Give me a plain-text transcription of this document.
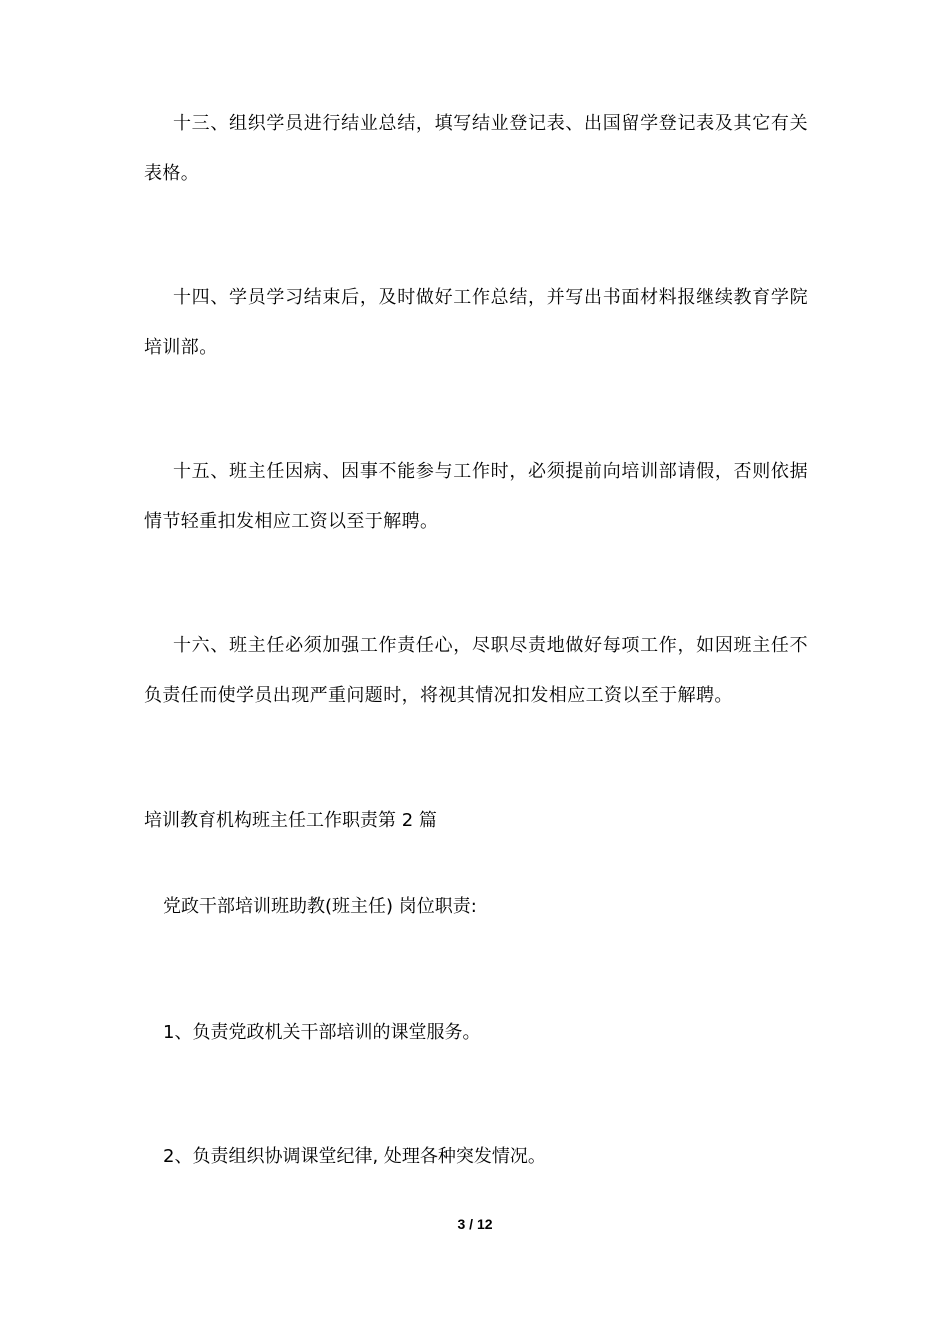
十三、组织学员进行结业总结，填写结业登记表、出国留学登记表及其它有关表格。

十四、学员学习结束后，及时做好工作总结，并写出书面材料报继续教育学院培训部。

十五、班主任因病、因事不能参与工作时，必须提前向培训部请假，否则依据情节轻重扣发相应工资以至于解聘。

十六、班主任必须加强工作责任心，尽职尽责地做好每项工作，如因班主任不负责任而使学员出现严重问题时，将视其情况扣发相应工资以至于解聘。

培训教育机构班主任工作职责第 2 篇

党政干部培训班助教(班主任) 岗位职责:

1、负责党政机关干部培训的课堂服务。

2、负责组织协调课堂纪律, 处理各种突发情况。

3 / 12
